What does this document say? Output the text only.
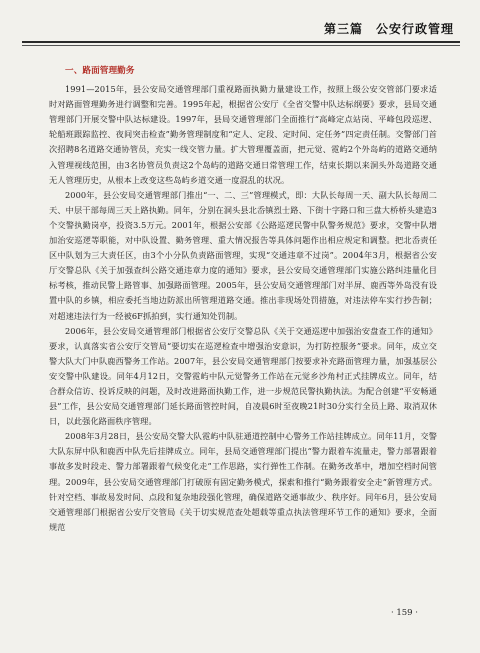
第三篇　公安行政管理

一、路面管理勤务

1991—2015年，县公安局交通管理部门重视路面执勤力量建设工作，按照上级公安交管部门要求适时对路面管理勤务进行调整和完善。1995年起，根据省公安厅《全省交警中队达标纲要》要求，县局交通管理部门开展交警中队达标建设。1997年，县局交通管理部门全面推行“高峰定点站岗、平峰包段巡逻、轮船班跟踪监控、夜间突击检查”勤务管理制度和“定人、定段、定时间、定任务”四定责任制。交警部门首次招聘8名道路交通协管员，充实一线交管力量。扩大管理覆盖面，把元觉、霓屿2个外岛屿的道路交通纳入管理视线范围，由3名协管员负责这2个岛屿的道路交通日常管理工作，结束长期以来洞头外岛道路交通无人管理历史，从根本上改变这些岛屿乡道交通一度混乱的状况。

2000年，县公安局交通管理部门推出“一、二、三”管理模式，即：大队长每周一天、副大队长每周二天、中层干部每周三天上路执勤。同年，分别在洞头县北岙镇烈士路、下街十字路口和三盘大桥桥头建造3个交警执勤岗亭，投资3.5万元。2001年，根据公安部《公路巡逻民警中队警务规范》要求，交警中队增加治安巡逻等职能，对中队设置、勤务管理、重大情况报告等具体问题作出相应规定和调整。把北岙责任区中队划为三大责任区，由3个小分队负责路面管理，实现“交通违章不过岗”。2004年3月，根据省公安厅交警总队《关于加强查纠公路交通违章力度的通知》要求，县公安局交通管理部门实施公路纠违量化目标考核，推动民警上路管事、加强路面管理。2005年，县公安局交通管理部门对半屏、鹿西等外岛没有设置中队的乡镇，相应委托当地边防派出所管理道路交通。推出非现场处罚措施，对违法停车实行抄告制；对超速违法行为一经被6F抓拍到，实行通知处罚制。

2006年，县公安局交通管理部门根据省公安厅交警总队《关于交通巡逻中加强治安盘查工作的通知》要求，认真落实省公安厅交管局“要切实在巡逻检查中增强治安意识，为打防控服务”要求。同年，成立交警大队大门中队鹿西警务工作站。2007年，县公安局交通管理部门按要求补充路面管理力量，加强基层公安交警中队建设。同年4月12日，交警霓屿中队元觉警务工作站在元觉乡沙角村正式挂牌成立。同年，结合群众信访、投诉反映的问题，及时改进路面执勤工作，进一步规范民警执勤执法。为配合创建“平安畅通县”工作，县公安局交通管理部门延长路面管控时间，自凌晨6时至夜晚21时30分实行全员上路、取消双休日，以此强化路面秩序管理。

2008年3月28日，县公安局交警大队霓屿中队驻通道控制中心警务工作站挂牌成立。同年11月，交警大队东屏中队和鹿西中队先后挂牌成立。同年，县局交通管理部门提出“警力跟着车流量走，警力部署跟着事故多发时段走、警力部署跟着气候变化走”工作思路，实行弹性工作制。在勤务改革中，增加空档时间管理。2009年，县公安局交通管理部门打破原有固定勤务模式，探索和推行“勤务跟着安全走”新管理方式。针对空档、事故易发时间、点段和复杂地段强化管理，确保道路交通事故少、秩序好。同年6月，县公安局交通管理部门根据省公安厅交管局《关于切实规范查处超载等重点执法管理环节工作的通知》要求，全面规范

· 159 ·
